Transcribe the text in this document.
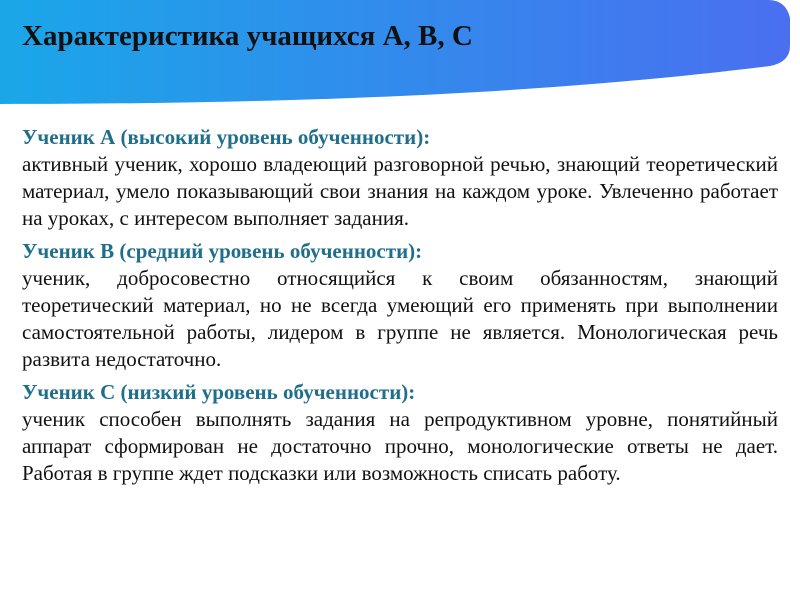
Характеристика учащихся А, В, С

Ученик А (высокий уровень обученности):

активный ученик, хорошо владеющий разговорной речью, знающий теоретический материал, умело показывающий свои знания на каждом уроке. Увлеченно работает на уроках, с интересом выполняет задания.

Ученик В (средний уровень обученности):

ученик, добросовестно относящийся к своим обязанностям, знающий теоретический материал, но не всегда умеющий его применять при выполнении самостоятельной работы, лидером в группе не является. Монологическая речь развита недостаточно.

Ученик С (низкий уровень обученности):

ученик способен выполнять задания на репродуктивном уровне, понятийный аппарат сформирован не достаточно прочно, монологические ответы не дает. Работая в группе ждет подсказки или возможность списать работу.
